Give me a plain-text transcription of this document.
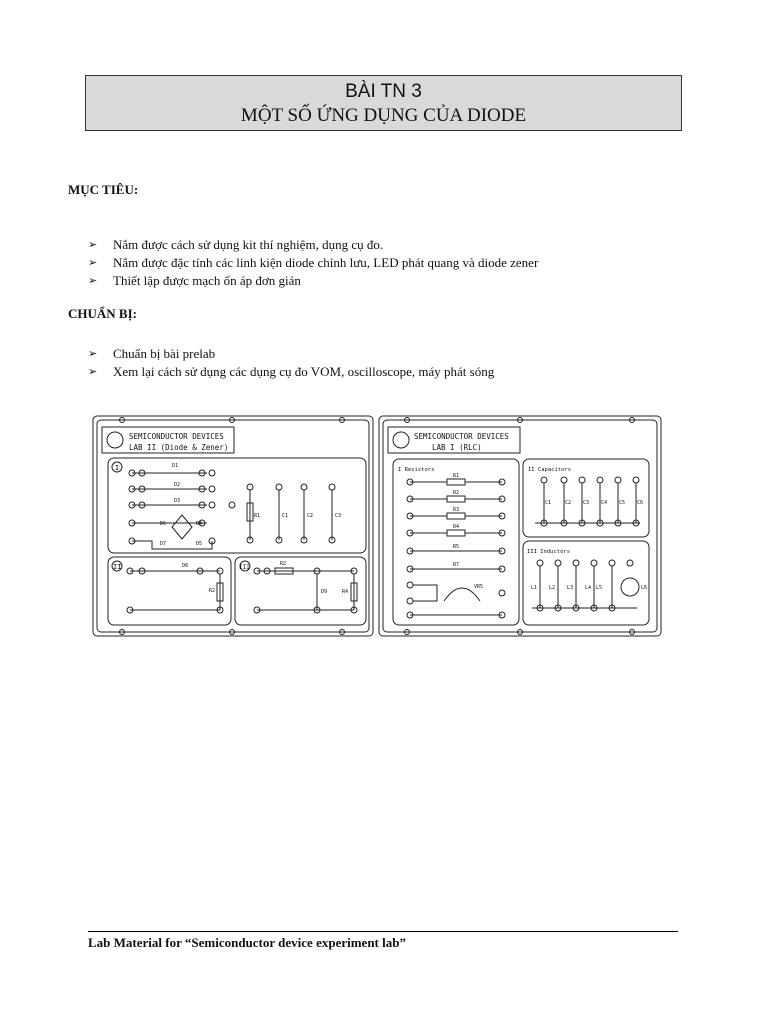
BÀI TN 3
MỘT SỐ ỨNG DỤNG CỦA DIODE
MỤC TIÊU:
➢ Nắm được cách sử dụng kit thí nghiệm, dụng cụ đo.
➢ Nắm được đặc tính các linh kiện diode chỉnh lưu, LED phát quang và diode zener
➢ Thiết lập được mạch ổn áp đơn giản
CHUẨN BỊ:
➢ Chuẩn bị bài prelab
➢ Xem lại cách sử dụng các dụng cụ đo VOM, oscilloscope, máy phát sóng
SEMICONDUCTOR DEVICES
LAB II (Diode & Zener)
I	D1
D2
D3
D6	D4
D7	D5
R1	C1	C2	C3
II	D8
R2
III	R2
D9	R4
SEMICONDUCTOR DEVICES
LAB I (RLC)
I Resistors
R1
R2
R3
R4
R5
R7
VR5
II Capacitors
C1	C2 C3 C4 C5 C6
III Inductors
L1 L2 L3 L4 L5	L6
Lab Material for “Semiconductor device experiment lab”
